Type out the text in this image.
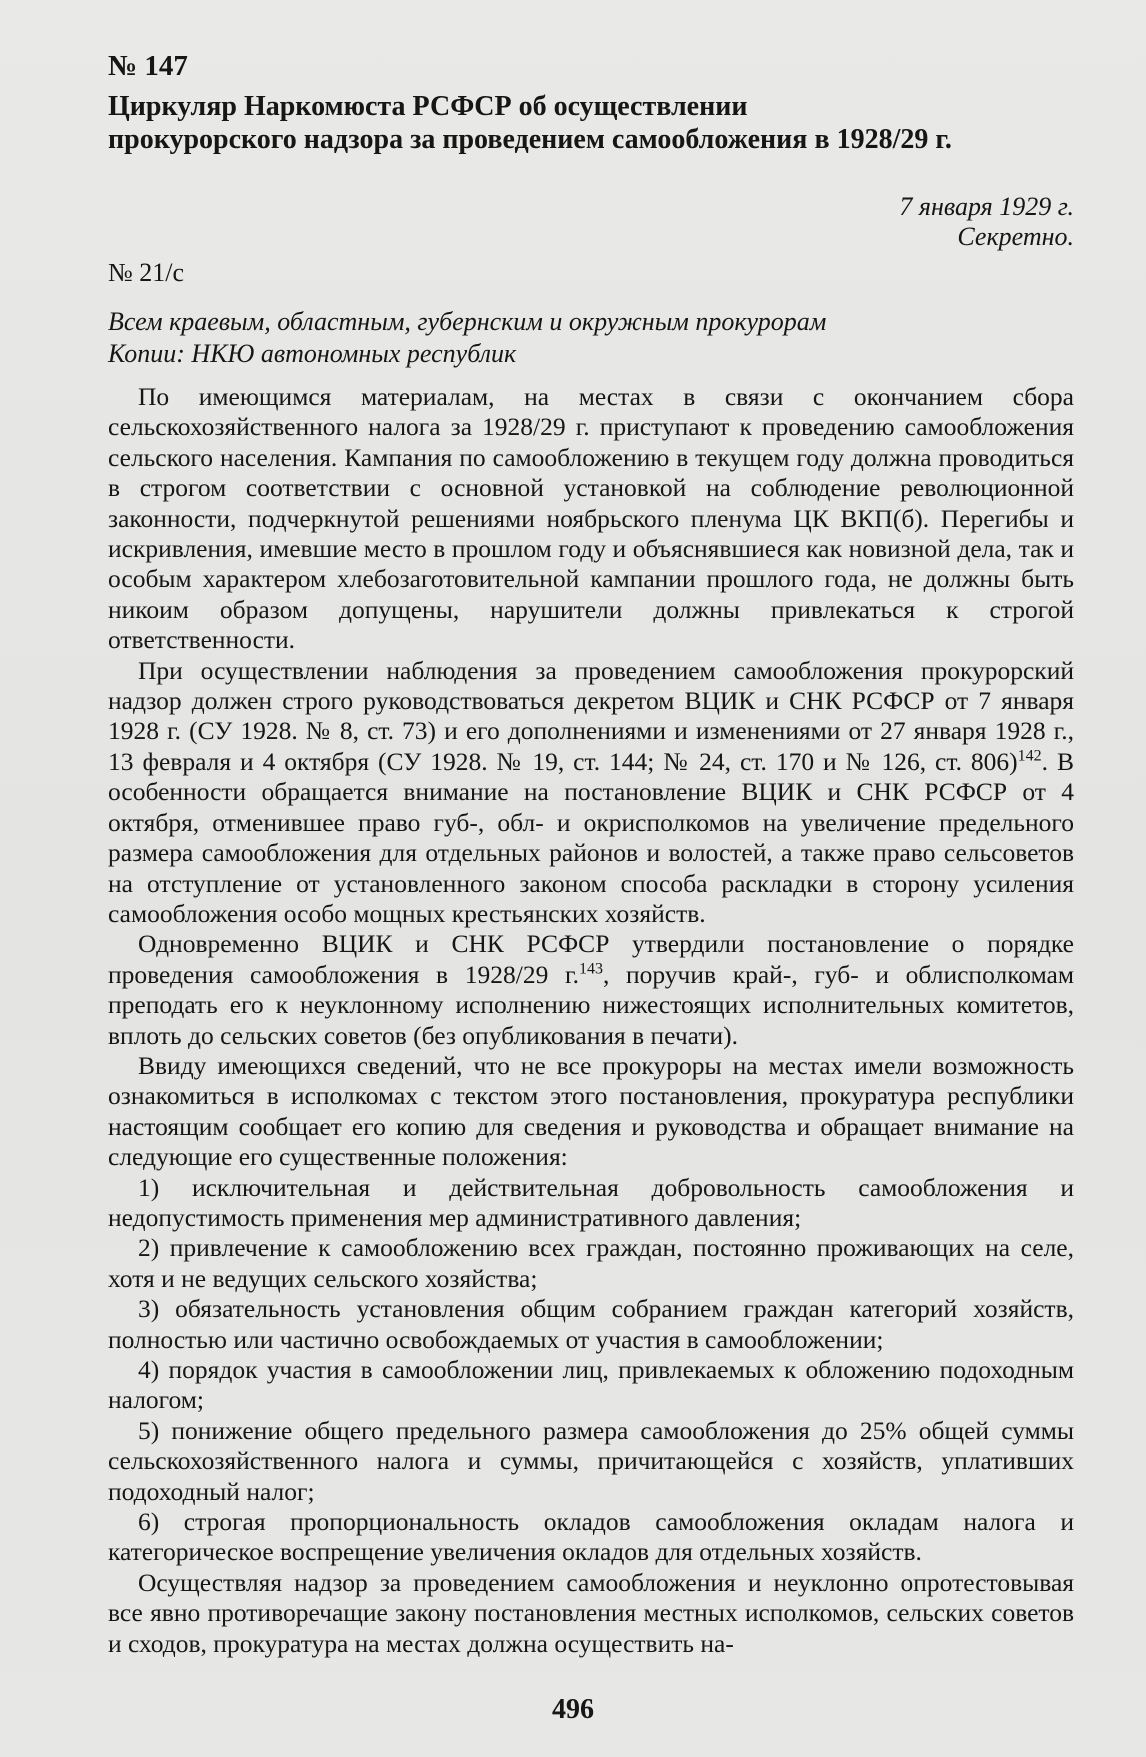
№ 147
Циркуляр Наркомюста РСФСР об осуществлении
прокурорского надзора за проведением самообложения в 1928/29 г.
7 января 1929 г.
Секретно.
№ 21/с
Всем краевым, областным, губернским и окружным прокурорам
Копии: НКЮ автономных республик

По имеющимся материалам, на местах в связи с окончанием сбора сельскохозяйственного налога за 1928/29 г. приступают к проведению самообложения сельского населения. Кампания по самообложению в текущем году должна проводиться в строгом соответствии с основной установкой на соблюдение революционной законности, подчеркнутой решениями ноябрьского пленума ЦК ВКП(б). Перегибы и искривления, имевшие место в прошлом году и объяснявшиеся как новизной дела, так и особым характером хлебозаготовительной кампании прошлого года, не должны быть никоим образом допущены, нарушители должны привлекаться к строгой ответственности.

При осуществлении наблюдения за проведением самообложения прокурорский надзор должен строго руководствоваться декретом ВЦИК и СНК РСФСР от 7 января 1928 г. (СУ 1928. № 8, ст. 73) и его дополнениями и изменениями от 27 января 1928 г., 13 февраля и 4 октября (СУ 1928. № 19, ст. 144; № 24, ст. 170 и № 126, ст. 806)$^{142}$. В особенности обращается внимание на постановление ВЦИК и СНК РСФСР от 4 октября, отменившее право губ-, обл- и окрисполкомов на увеличение предельного размера самообложения для отдельных районов и волостей, а также право сельсоветов на отступление от установленного законом способа раскладки в сторону усиления самообложения особо мощных крестьянских хозяйств.

Одновременно ВЦИК и СНК РСФСР утвердили постановление о порядке проведения самообложения в 1928/29 г.$^{143}$, поручив край-, губ- и облисполкомам преподать его к неуклонному исполнению нижестоящих исполнительных комитетов, вплоть до сельских советов (без опубликования в печати).

Ввиду имеющихся сведений, что не все прокуроры на местах имели возможность ознакомиться в исполкомах с текстом этого постановления, прокуратура республики настоящим сообщает его копию для сведения и руководства и обращает внимание на следующие его существенные положения:

1) исключительная и действительная добровольность самообложения и недопустимость применения мер административного давления;

2) привлечение к самообложению всех граждан, постоянно проживающих на селе, хотя и не ведущих сельского хозяйства;

3) обязательность установления общим собранием граждан категорий хозяйств, полностью или частично освобождаемых от участия в самообложении;

4) порядок участия в самообложении лиц, привлекаемых к обложению подоходным налогом;

5) понижение общего предельного размера самообложения до 25% общей суммы сельскохозяйственного налога и суммы, причитающейся с хозяйств, уплативших подоходный налог;

6) строгая пропорциональность окладов самообложения окладам налога и категорическое воспрещение увеличения окладов для отдельных хозяйств.

Осуществляя надзор за проведением самообложения и неуклонно опротестовывая все явно противоречащие закону постановления местных исполкомов, сельских советов и сходов, прокуратура на местах должна осуществить на-

496
